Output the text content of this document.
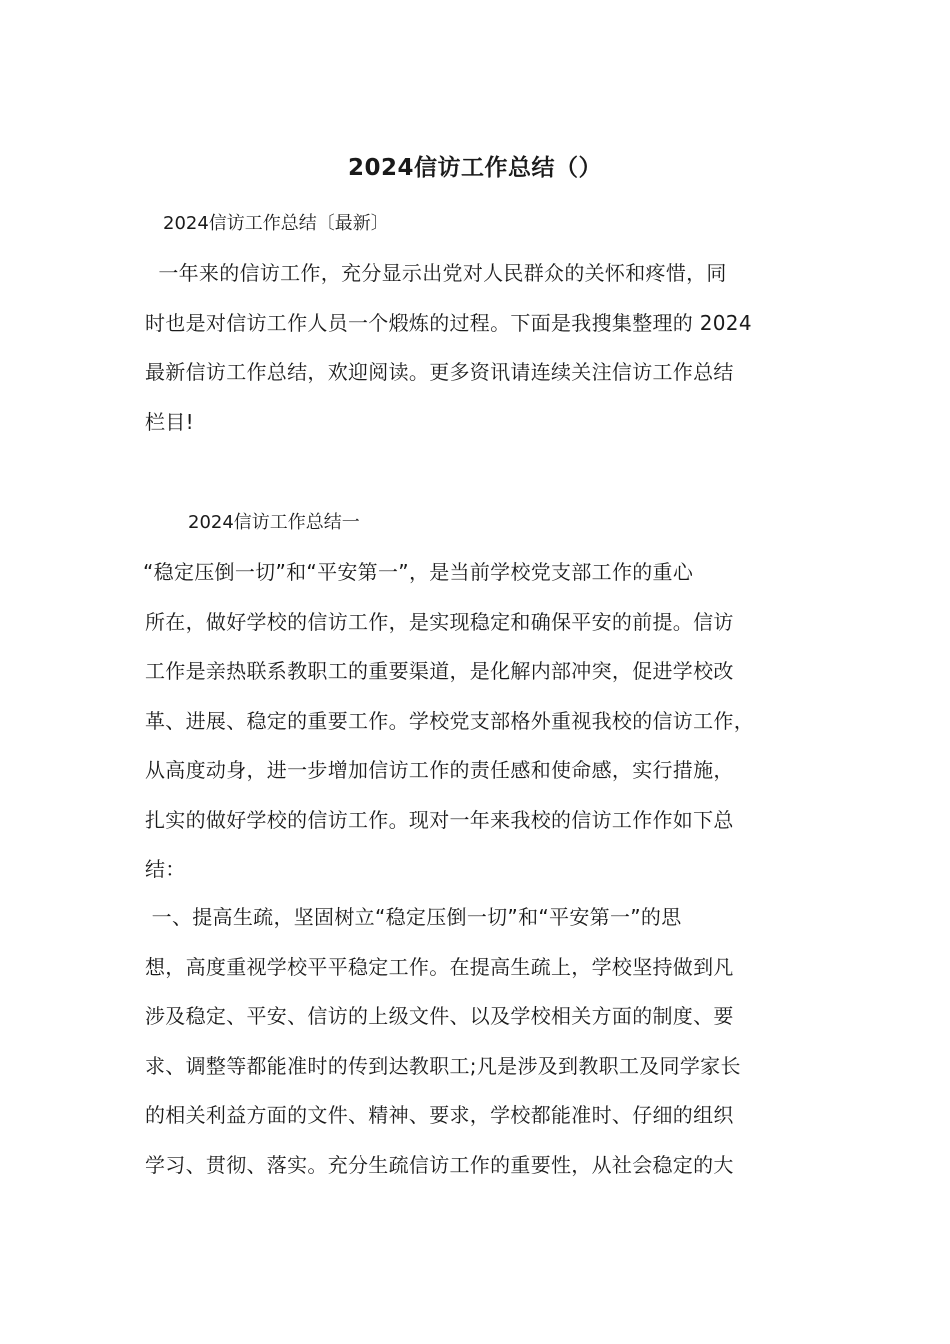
2024信访工作总结（）
2024信访工作总结〔最新〕
一年来的信访工作，充分显示出党对人民群众的关怀和疼惜，同
时也是对信访工作人员一个煅炼的过程。下面是我搜集整理的 2024
最新信访工作总结，欢迎阅读。更多资讯请连续关注信访工作总结
栏目!
2024信访工作总结一
“稳定压倒一切”和“平安第一”，是当前学校党支部工作的重心
所在，做好学校的信访工作，是实现稳定和确保平安的前提。信访
工作是亲热联系教职工的重要渠道，是化解内部冲突，促进学校改
革、进展、稳定的重要工作。学校党支部格外重视我校的信访工作，
从高度动身，进一步增加信访工作的责任感和使命感，实行措施，
扎实的做好学校的信访工作。现对一年来我校的信访工作作如下总
结：
一、提高生疏，坚固树立“稳定压倒一切”和“平安第一”的思
想，高度重视学校平平稳定工作。在提高生疏上，学校坚持做到凡
涉及稳定、平安、信访的上级文件、以及学校相关方面的制度、要
求、调整等都能准时的传到达教职工;凡是涉及到教职工及同学家长
的相关利益方面的文件、精神、要求，学校都能准时、仔细的组织
学习、贯彻、落实。充分生疏信访工作的重要性，从社会稳定的大
